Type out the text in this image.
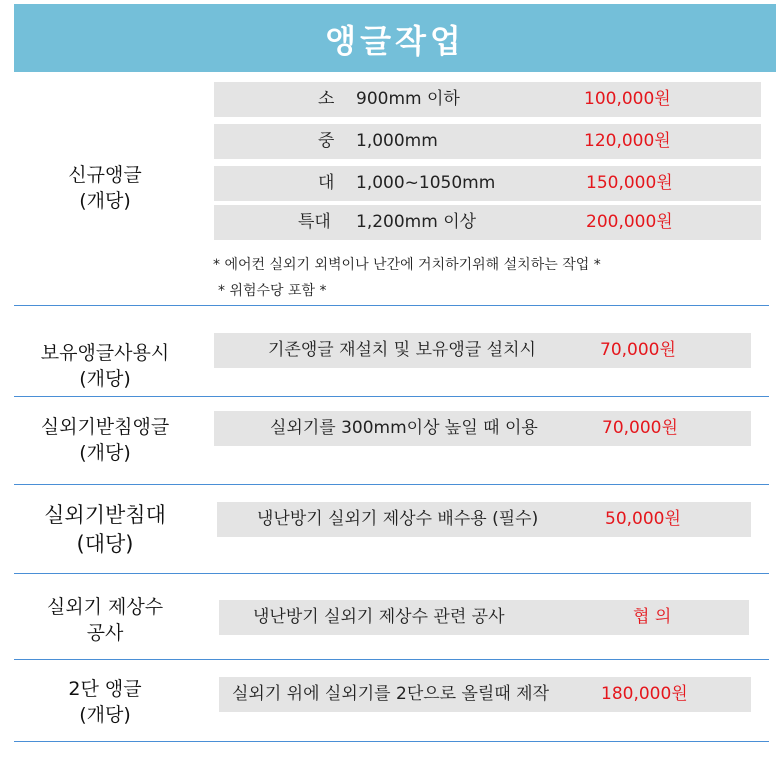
앵글작업
신규앵글
(개당)
소 900mm 이하	100,000원
중 1,000mm	120,000원
대 1,000~1050mm	150,000원
특대 1,200mm 이상	200,000원
* 에어컨 실외기 외벽이나 난간에 거치하기위해 설치하는 작업 *
* 위험수당 포함 *
보유앵글사용시
(개당)
기존앵글 재설치 및 보유앵글 설치시	70,000원
실외기받침앵글
(개당)
실외기를 300mm이상 높일 때 이용	70,000원
실외기받침대
(대당)
냉난방기 실외기 제상수 배수용 (필수)	50,000원
실외기 제상수
공사
냉난방기 실외기 제상수 관련 공사	협 의
2단 앵글
(개당)
실외기 위에 실외기를 2단으로 올릴때 제작	180,000원
